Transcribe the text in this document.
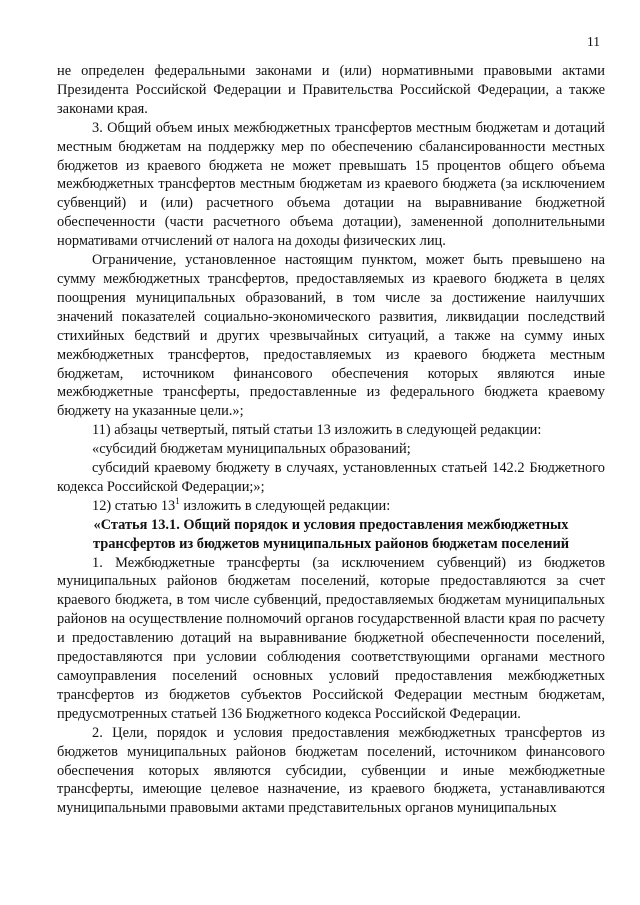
11

не определен федеральными законами и (или) нормативными правовыми актами Президента Российской Федерации и Правительства Российской Федерации, а также законами края.

3. Общий объем иных межбюджетных трансфертов местным бюджетам и дотаций местным бюджетам на поддержку мер по обеспечению сбалансированности местных бюджетов из краевого бюджета не может превышать 15 процентов общего объема межбюджетных трансфертов местным бюджетам из краевого бюджета (за исключением субвенций) и (или) расчетного объема дотации на выравнивание бюджетной обеспеченности (части расчетного объема дотации), замененной дополнительными нормативами отчислений от налога на доходы физических лиц.

Ограничение, установленное настоящим пунктом, может быть превышено на сумму межбюджетных трансфертов, предоставляемых из краевого бюджета в целях поощрения муниципальных образований, в том числе за достижение наилучших значений показателей социально-экономического развития, ликвидации последствий стихийных бедствий и других чрезвычайных ситуаций, а также на сумму иных межбюджетных трансфертов, предоставляемых из краевого бюджета местным бюджетам, источником финансового обеспечения которых являются иные межбюджетные трансферты, предоставленные из федерального бюджета краевому бюджету на указанные цели.»;

11) абзацы четвертый, пятый статьи 13 изложить в следующей редакции:

«субсидий бюджетам муниципальных образований;

субсидий краевому бюджету в случаях, установленных статьей 142.2 Бюджетного кодекса Российской Федерации;»;

12) статью $13^1$ изложить в следующей редакции:

«Статья 13.1. Общий порядок и условия предоставления межбюджетных трансфертов из бюджетов муниципальных районов бюджетам поселений

1. Межбюджетные трансферты (за исключением субвенций) из бюджетов муниципальных районов бюджетам поселений, которые предоставляются за счет краевого бюджета, в том числе субвенций, предоставляемых бюджетам муниципальных районов на осуществление полномочий органов государственной власти края по расчету и предоставлению дотаций на выравнивание бюджетной обеспеченности поселений, предоставляются при условии соблюдения соответствующими органами местного самоуправления поселений основных условий предоставления межбюджетных трансфертов из бюджетов субъектов Российской Федерации местным бюджетам, предусмотренных статьей 136 Бюджетного кодекса Российской Федерации.

2. Цели, порядок и условия предоставления межбюджетных трансфертов из бюджетов муниципальных районов бюджетам поселений, источником финансового обеспечения которых являются субсидии, субвенции и иные межбюджетные трансферты, имеющие целевое назначение, из краевого бюджета, устанавливаются муниципальными правовыми актами представительных органов муниципальных
